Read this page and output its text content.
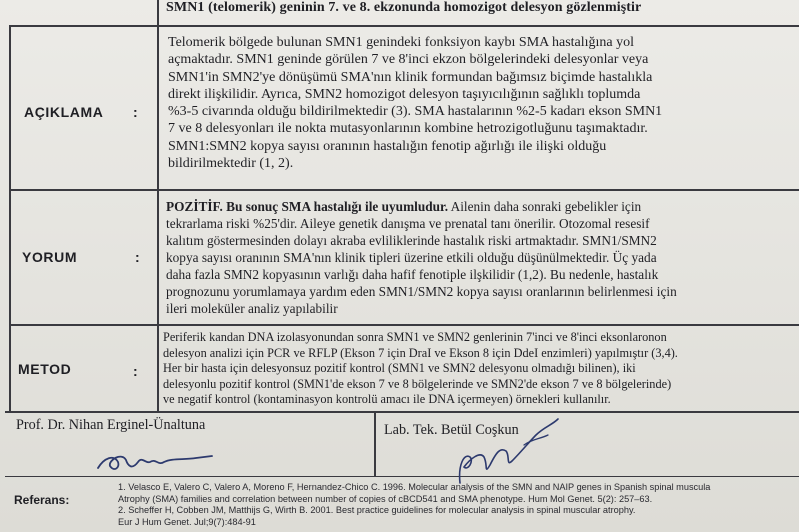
SMN1 (telomerik) geninin 7. ve 8. ekzonunda homozigot delesyon gözlenmiştir
AÇIKLAMA :
Telomerik bölgede bulunan SMN1 genindeki fonksiyon kaybı SMA hastalığına yol
açmaktadır. SMN1 geninde görülen 7 ve 8'inci ekzon bölgelerindeki delesyonlar veya
SMN1'in SMN2'ye dönüşümü SMA'nın klinik formundan bağımsız biçimde hastalıkla
direkt ilişkilidir. Ayrıca, SMN2 homozigot delesyon taşıyıcılığının sağlıklı toplumda
%3-5 civarında olduğu bildirilmektedir (3). SMA hastalarının %2-5 kadarı ekson SMN1
7 ve 8 delesyonları ile nokta mutasyonlarının kombine hetrozigotluğunu taşımaktadır.
SMN1:SMN2 kopya sayısı oranının hastalığın fenotip ağırlığı ile ilişki olduğu
bildirilmektedir (1, 2).
YORUM	:
POZİTİF. Bu sonuç SMA hastalığı ile uyumludur. Ailenin daha sonraki gebelikler için
tekrarlama riski %25'dir. Aileye genetik danışma ve prenatal tanı önerilir. Otozomal resesif
kalıtım göstermesinden dolayı akraba evliliklerinde hastalık riski artmaktadır. SMN1/SMN2
kopya sayısı oranının SMA'nın klinik tipleri üzerine etkili olduğu düşünülmektedir. Üç yada
daha fazla SMN2 kopyasının varlığı daha hafif fenotiple ilşkilidir (1,2). Bu nedenle, hastalık
prognozunu yorumlamaya yardım eden SMN1/SMN2 kopya sayısı oranlarının belirlenmesi için
ileri moleküler analiz yapılabilir
METOD	:
Periferik kandan DNA izolasyonundan sonra SMN1 ve SMN2 genlerinin 7'inci ve 8'inci eksonlaronon
delesyon analizi için PCR ve RFLP (Ekson 7 için DraI ve Ekson 8 için DdeI enzimleri) yapılmıştır (3,4).
Her bir hasta için delesyonsuz pozitif kontrol (SMN1 ve SMN2 delesyonu olmadığı bilinen), iki
delesyonlu pozitif kontrol (SMN1'de ekson 7 ve 8 bölgelerinde ve SMN2'de ekson 7 ve 8 bölgelerinde)
ve negatif kontrol (kontaminasyon kontrolü amacı ile DNA içermeyen) örnekleri kullanılır.
Prof. Dr. Nihan Erginel-Ünaltuna	Lab. Tek. Betül Coşkun
Referans:
1. Velasco E, Valero C, Valero A, Moreno F, Hernandez-Chico C. 1996. Molecular analysis of the SMN and NAIP genes in Spanish spinal muscula
Atrophy (SMA) families and correlation between number of copies of cBCD541 and SMA phenotype. Hum Mol Genet. 5(2): 257–63.
2. Scheffer H, Cobben JM, Matthijs G, Wirth B. 2001. Best practice guidelines for molecular analysis in spinal muscular atrophy.
Eur J Hum Genet. Jul;9(7):484-91
